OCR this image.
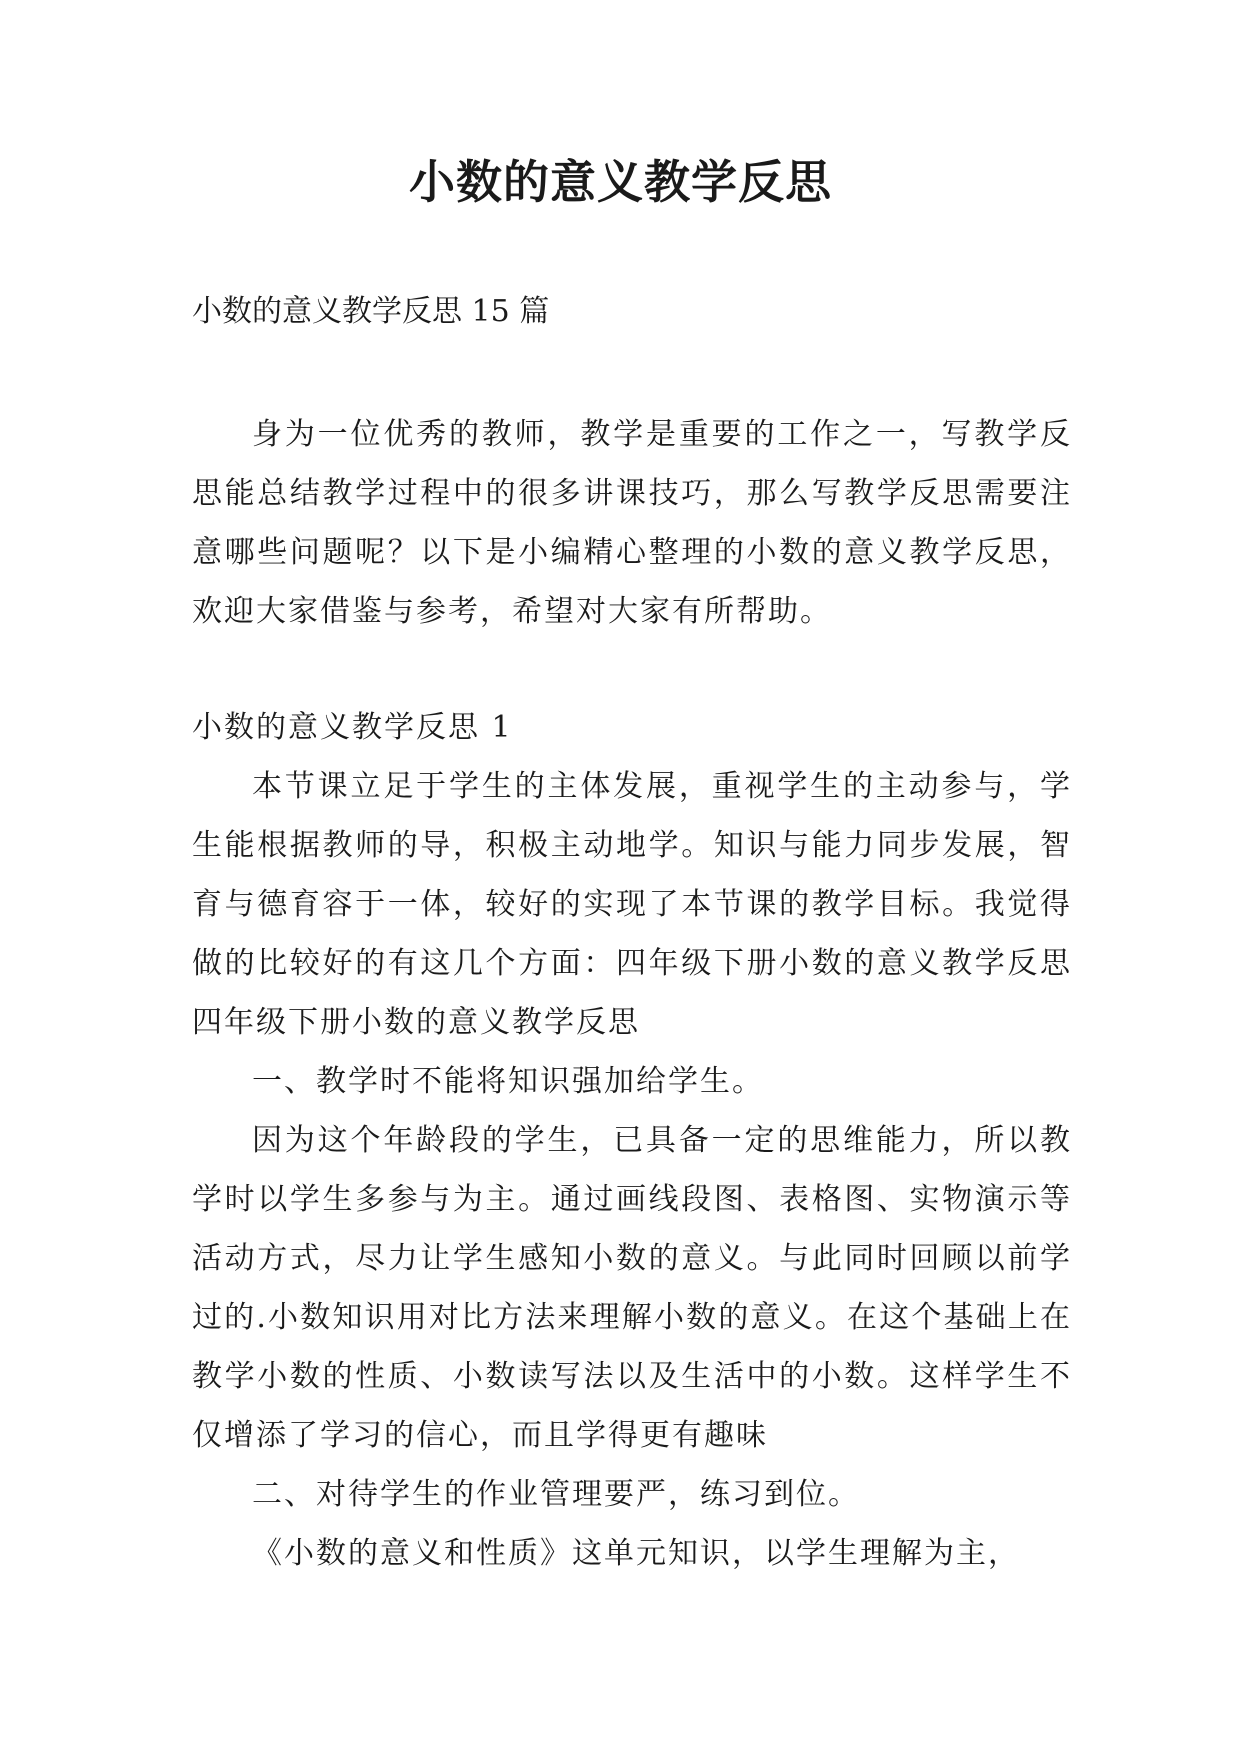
小数的意义教学反思

小数的意义教学反思 15 篇

身为一位优秀的教师，教学是重要的工作之一，写教学反思能总结教学过程中的很多讲课技巧，那么写教学反思需要注意哪些问题呢？以下是小编精心整理的小数的意义教学反思，欢迎大家借鉴与参考，希望对大家有所帮助。

小数的意义教学反思 1

本节课立足于学生的主体发展，重视学生的主动参与，学生能根据教师的导，积极主动地学。知识与能力同步发展，智育与德育容于一体，较好的实现了本节课的教学目标。我觉得做的比较好的有这几个方面：四年级下册小数的意义教学反思四年级下册小数的意义教学反思

一、教学时不能将知识强加给学生。

因为这个年龄段的学生，已具备一定的思维能力，所以教学时以学生多参与为主。通过画线段图、表格图、实物演示等活动方式，尽力让学生感知小数的意义。与此同时回顾以前学过的.小数知识用对比方法来理解小数的意义。在这个基础上在教学小数的性质、小数读写法以及生活中的小数。这样学生不仅增添了学习的信心，而且学得更有趣味

二、对待学生的作业管理要严，练习到位。

《小数的意义和性质》这单元知识，以学生理解为主，
